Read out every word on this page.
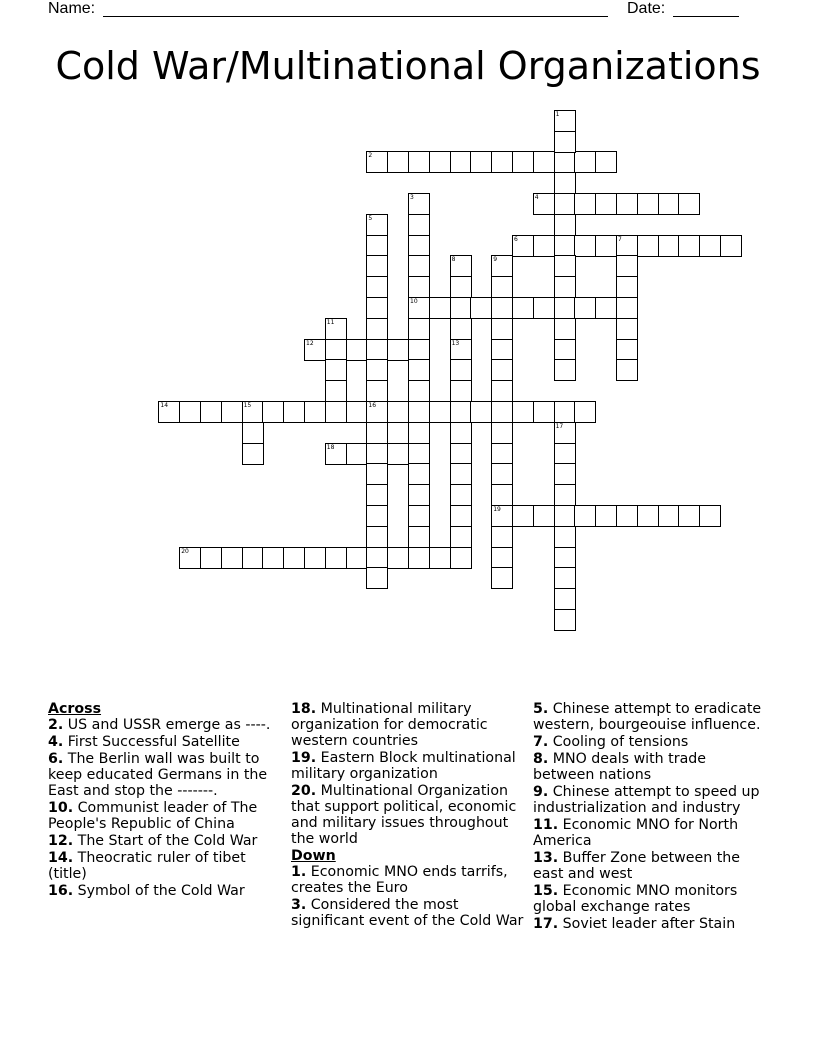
Name:	Date:
Cold War/Multinational Organizations
2
4
6	7
10
12
14	15	16
18
19
20
1
3
5
8	9
11
13
17
Across
2. US and USSR emerge as ----.
4. First Successful Satellite
6. The Berlin wall was built to keep educated Germans in the East and stop the -------.
10. Communist leader of The People's Republic of China
12. The Start of the Cold War
14. Theocratic ruler of tibet (title)
16. Symbol of the Cold War
18. Multinational military organization for democratic western countries
19. Eastern Block multinational military organization
20. Multinational Organization that support political, economic and military issues throughout the world
Down
1. Economic MNO ends tarrifs, creates the Euro
3. Considered the most significant event of the Cold War
5. Chinese attempt to eradicate western, bourgeouise influence.
7. Cooling of tensions
8. MNO deals with trade between nations
9. Chinese attempt to speed up industrialization and industry
11. Economic MNO for North America
13. Buffer Zone between the east and west
15. Economic MNO monitors global exchange rates
17. Soviet leader after Stain
